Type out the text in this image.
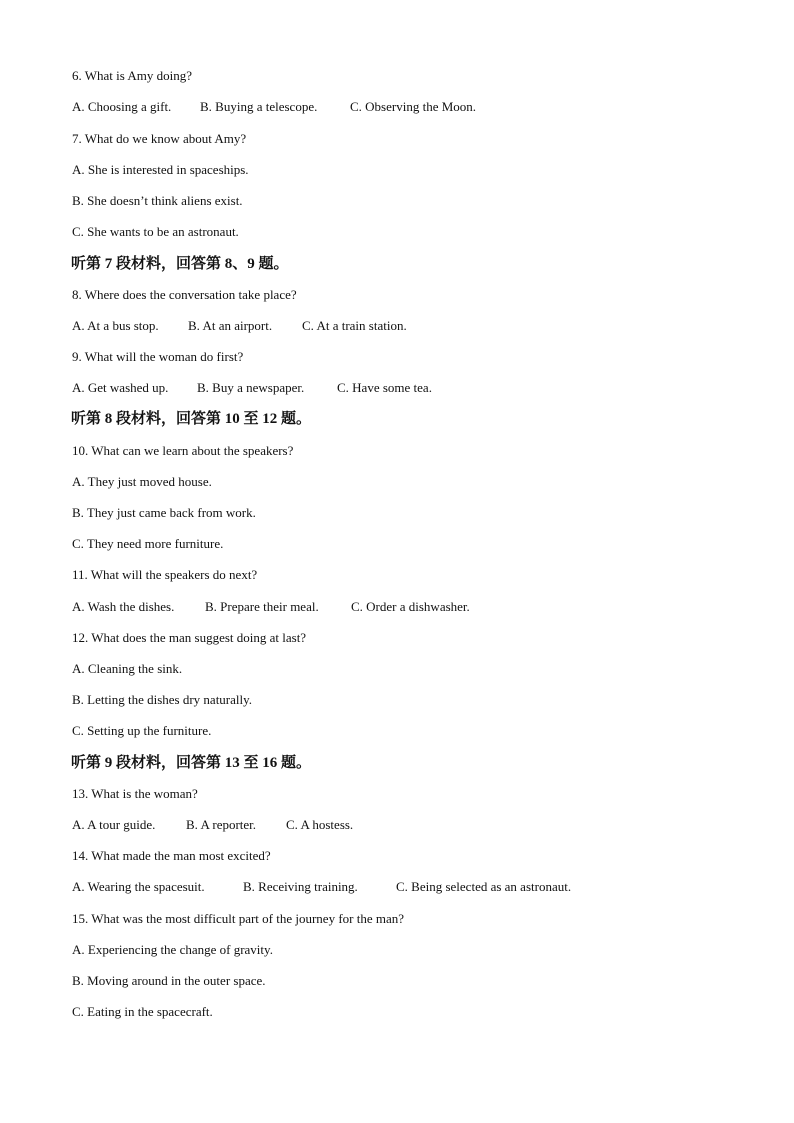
6. What is Amy doing?
A. Choosing a gift. B. Buying a telescope.	C. Observing the Moon.
7. What do we know about Amy?
A. She is interested in spaceships.
B. She doesn’t think aliens exist.
C. She wants to be an astronaut.
听第 7 段材料，回答第 8、9 题。
8. Where does the conversation take place?
A. At a bus stop. B. At an airport. C. At a train station.
9. What will the woman do first?
A. Get washed up. B. Buy a newspaper.	C. Have some tea.
听第 8 段材料，回答第 10 至 12 题。
10. What can we learn about the speakers?
A. They just moved house.
B. They just came back from work.
C. They need more furniture.
11. What will the speakers do next?
A. Wash the dishes. B. Prepare their meal. C. Order a dishwasher.
12. What does the man suggest doing at last?
A. Cleaning the sink.
B. Letting the dishes dry naturally.
C. Setting up the furniture.
听第 9 段材料，回答第 13 至 16 题。
13. What is the woman?
A. A tour guide. B. A reporter. C. A hostess.
14. What made the man most excited?
A. Wearing the spacesuit.	B. Receiving training.	C. Being selected as an astronaut.
15. What was the most difficult part of the journey for the man?
A. Experiencing the change of gravity.
B. Moving around in the outer space.
C. Eating in the spacecraft.
